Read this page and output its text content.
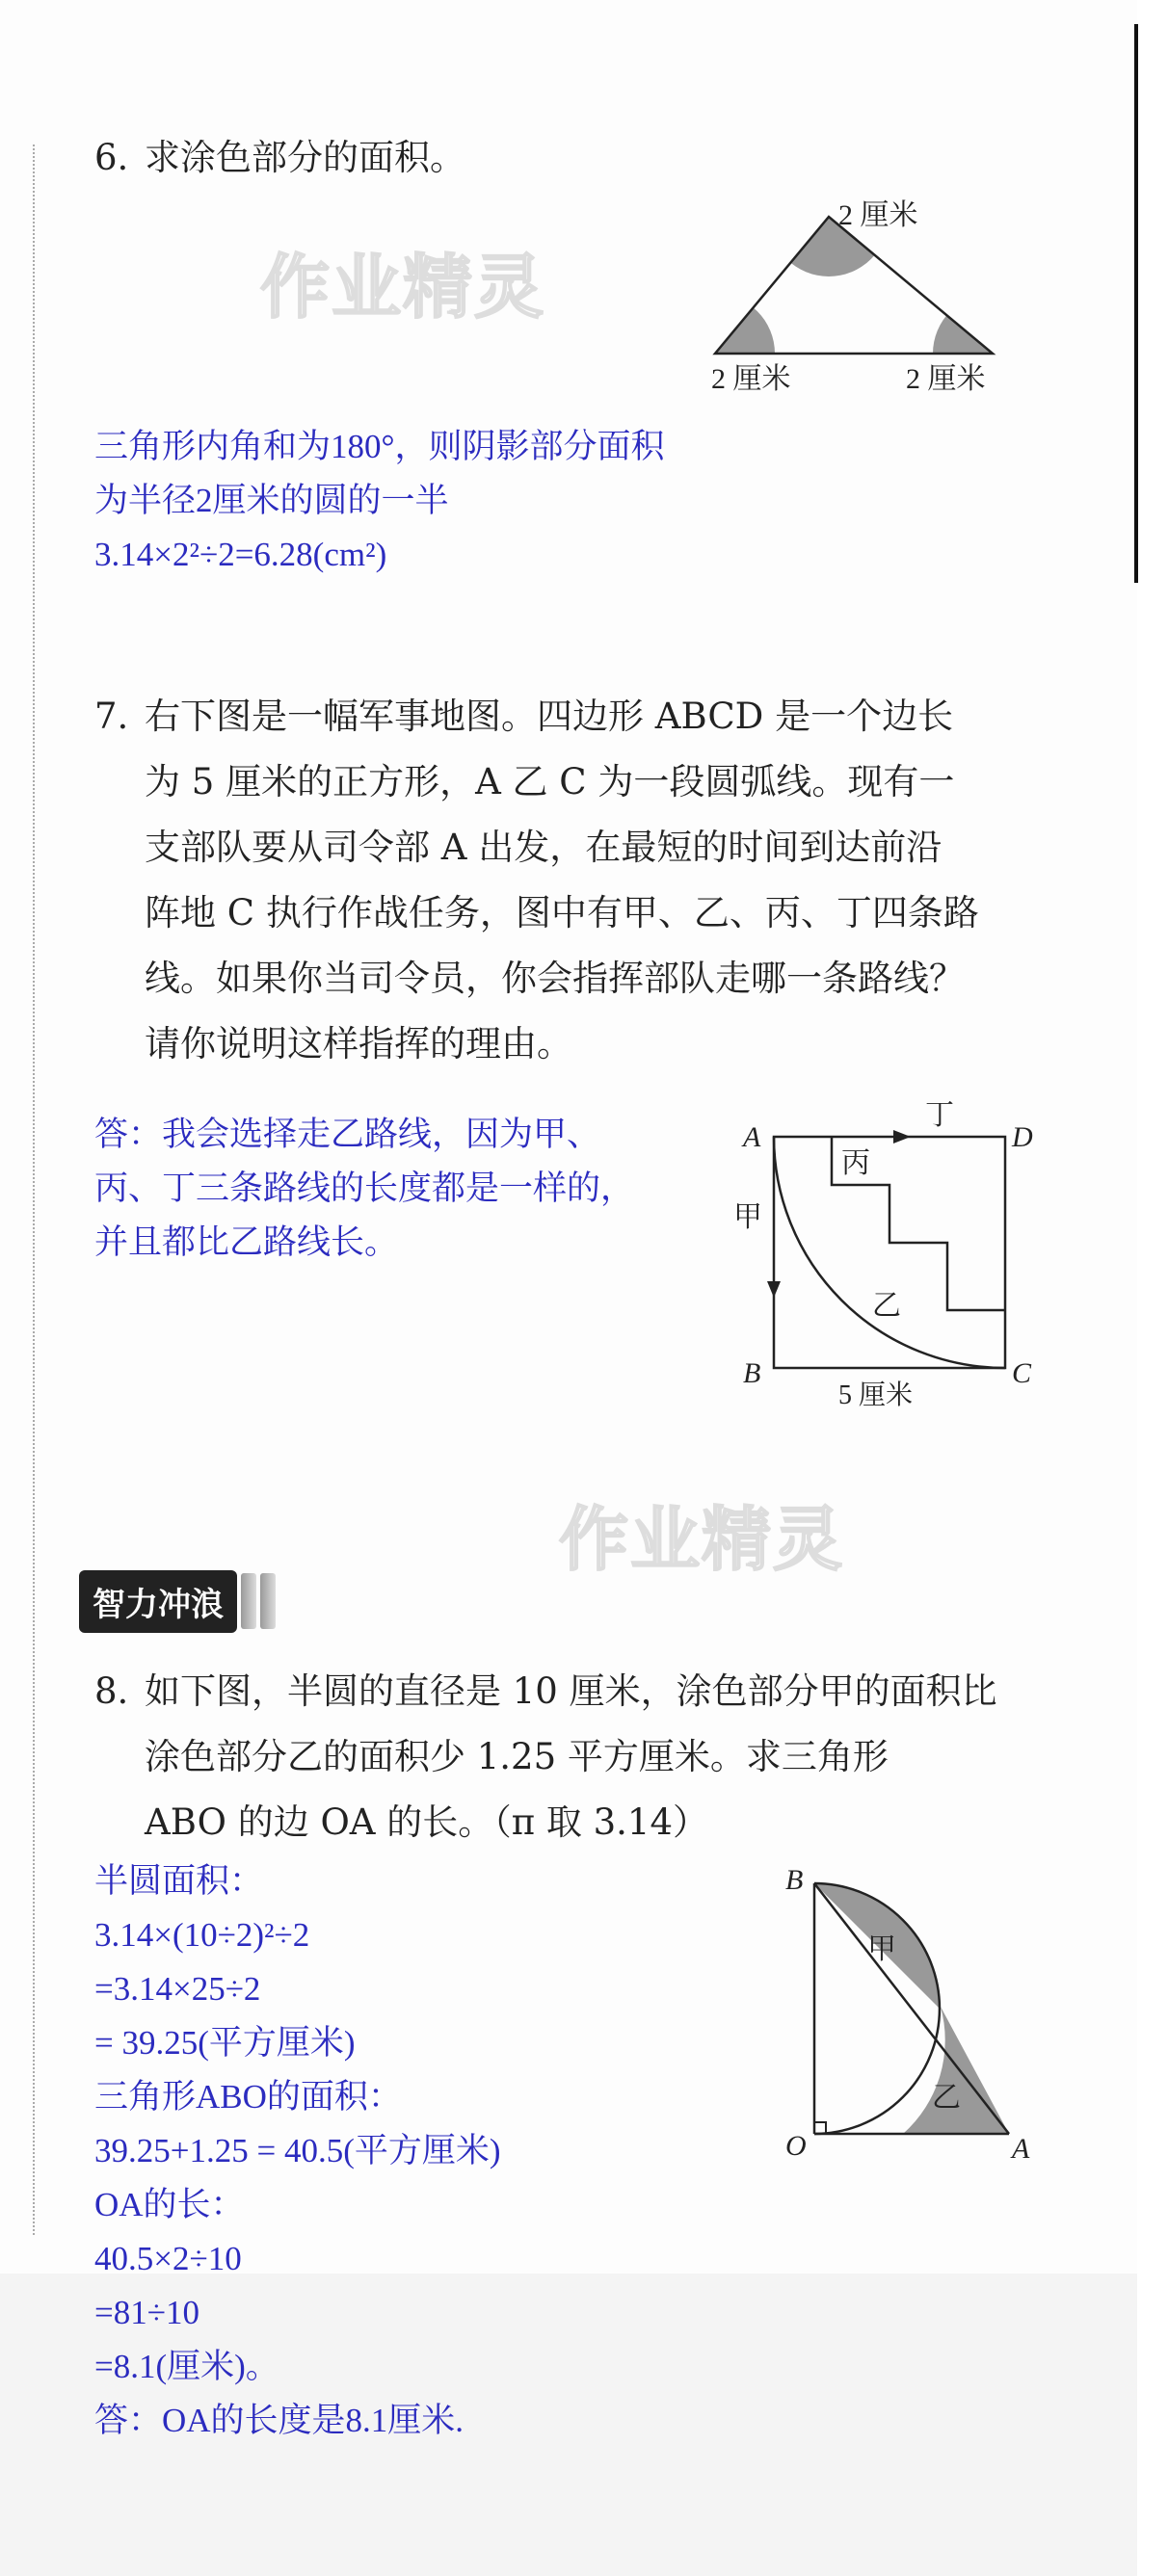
作业精灵
作业精灵
6. 求涂色部分的面积。
2 厘米
2 厘米	2 厘米
三角形内角和为180°，则阴影部分面积
为半径2厘米的圆的一半
3.14×2²÷2=6.28(cm²)
7. 右下图是一幅军事地图。四边形 ABCD 是一个边长
为 5 厘米的正方形，A 乙 C 为一段圆弧线。现有一
支部队要从司令部 A 出发，在最短的时间到达前沿
阵地 C 执行作战任务，图中有甲、乙、丙、丁四条路
线。如果你当司令员，你会指挥部队走哪一条路线？
请你说明这样指挥的理由。
答：我会选择走乙路线，因为甲、
丙、丁三条路线的长度都是一样的，
并且都比乙路线长。
A	D
B	C
甲
乙
丙
丁
5 厘米
智力冲浪
8. 如下图，半圆的直径是 10 厘米，涂色部分甲的面积比
涂色部分乙的面积少 1.25 平方厘米。求三角形
ABO 的边 OA 的长。（π 取 3.14）
半圆面积：
3.14×(10÷2)²÷2
=3.14×25÷2
= 39.25(平方厘米)
三角形ABO的面积：
39.25+1.25 = 40.5(平方厘米)
OA的长：
40.5×2÷10
=81÷10
=8.1(厘米)。
答：OA的长度是8.1厘米.
B
O	A
甲
乙
